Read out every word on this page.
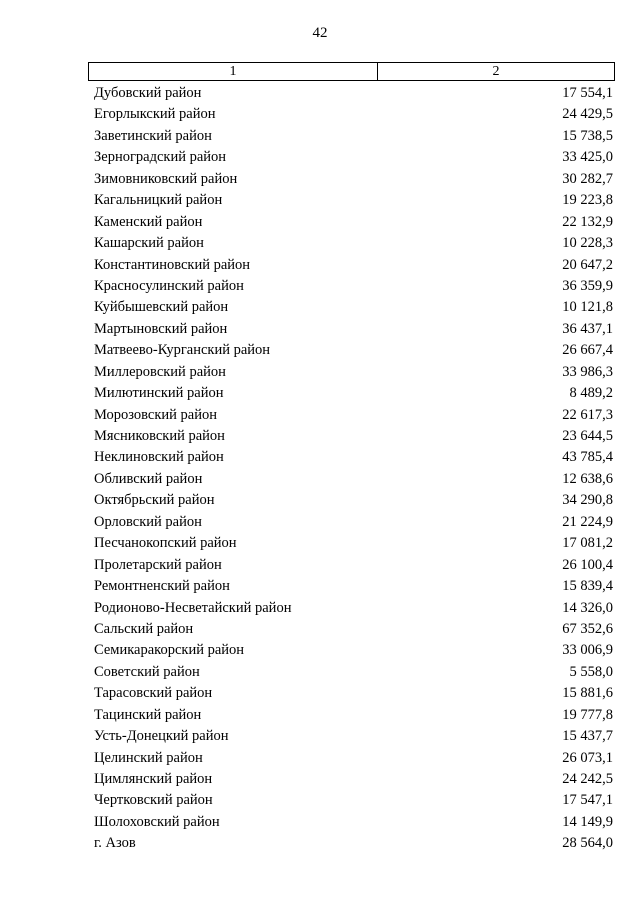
42
1	2
Дубовский район	17 554,1
Егорлыкский район	24 429,5
Заветинский район	15 738,5
Зерноградский район	33 425,0
Зимовниковский район	30 282,7
Кагальницкий район	19 223,8
Каменский район	22 132,9
Кашарский район	10 228,3
Константиновский район	20 647,2
Красносулинский район	36 359,9
Куйбышевский район	10 121,8
Мартыновский район	36 437,1
Матвеево-Курганский район	26 667,4
Миллеровский район	33 986,3
Милютинский район	8 489,2
Морозовский район	22 617,3
Мясниковский район	23 644,5
Неклиновский район	43 785,4
Обливский район	12 638,6
Октябрьский район	34 290,8
Орловский район	21 224,9
Песчанокопский район	17 081,2
Пролетарский район	26 100,4
Ремонтненский район	15 839,4
Родионово-Несветайский район	14 326,0
Сальский район	67 352,6
Семикаракорский район	33 006,9
Советский район	5 558,0
Тарасовский район	15 881,6
Тацинский район	19 777,8
Усть-Донецкий район	15 437,7
Целинский район	26 073,1
Цимлянский район	24 242,5
Чертковский район	17 547,1
Шолоховский район	14 149,9
г. Азов	28 564,0
